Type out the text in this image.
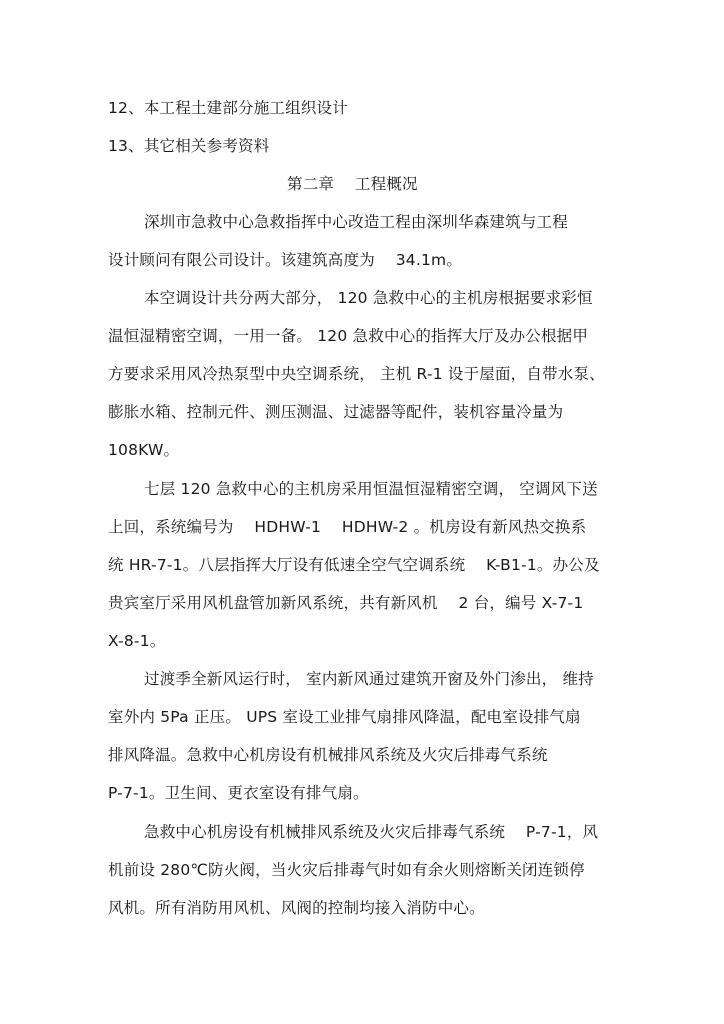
12、本工程土建部分施工组织设计
13、其它相关参考资料
第二章　 工程概况
深圳市急救中心急救指挥中心改造工程由深圳华森建筑与工程
设计顾问有限公司设计。该建筑高度为　 34.1m。
本空调设计共分两大部分， 120 急救中心的主机房根据要求彩恒
温恒湿精密空调，一用一备。 120 急救中心的指挥大厅及办公根据甲
方要求采用风冷热泵型中央空调系统， 主机 R-1 设于屋面，自带水泵、
膨胀水箱、控制元件、测压测温、过滤器等配件，装机容量冷量为
108KW。
七层 120 急救中心的主机房采用恒温恒湿精密空调， 空调风下送
上回，系统编号为　 HDHW-1　 HDHW-2 。机房设有新风热交换系
统 HR-7-1。八层指挥大厅设有低速全空气空调系统　 K-B1-1。办公及
贵宾室厅采用风机盘管加新风系统，共有新风机　 2 台，编号 X-7-1
X-8-1。
过渡季全新风运行时， 室内新风通过建筑开窗及外门渗出， 维持
室外内 5Pa 正压。 UPS 室设工业排气扇排风降温，配电室设排气扇
排风降温。急救中心机房设有机械排风系统及火灾后排毒气系统
P-7-1。卫生间、更衣室设有排气扇。
急救中心机房设有机械排风系统及火灾后排毒气系统　 P-7-1，风
机前设 280℃防火阀，当火灾后排毒气时如有余火则熔断关闭连锁停
风机。所有消防用风机、风阀的控制均接入消防中心。
